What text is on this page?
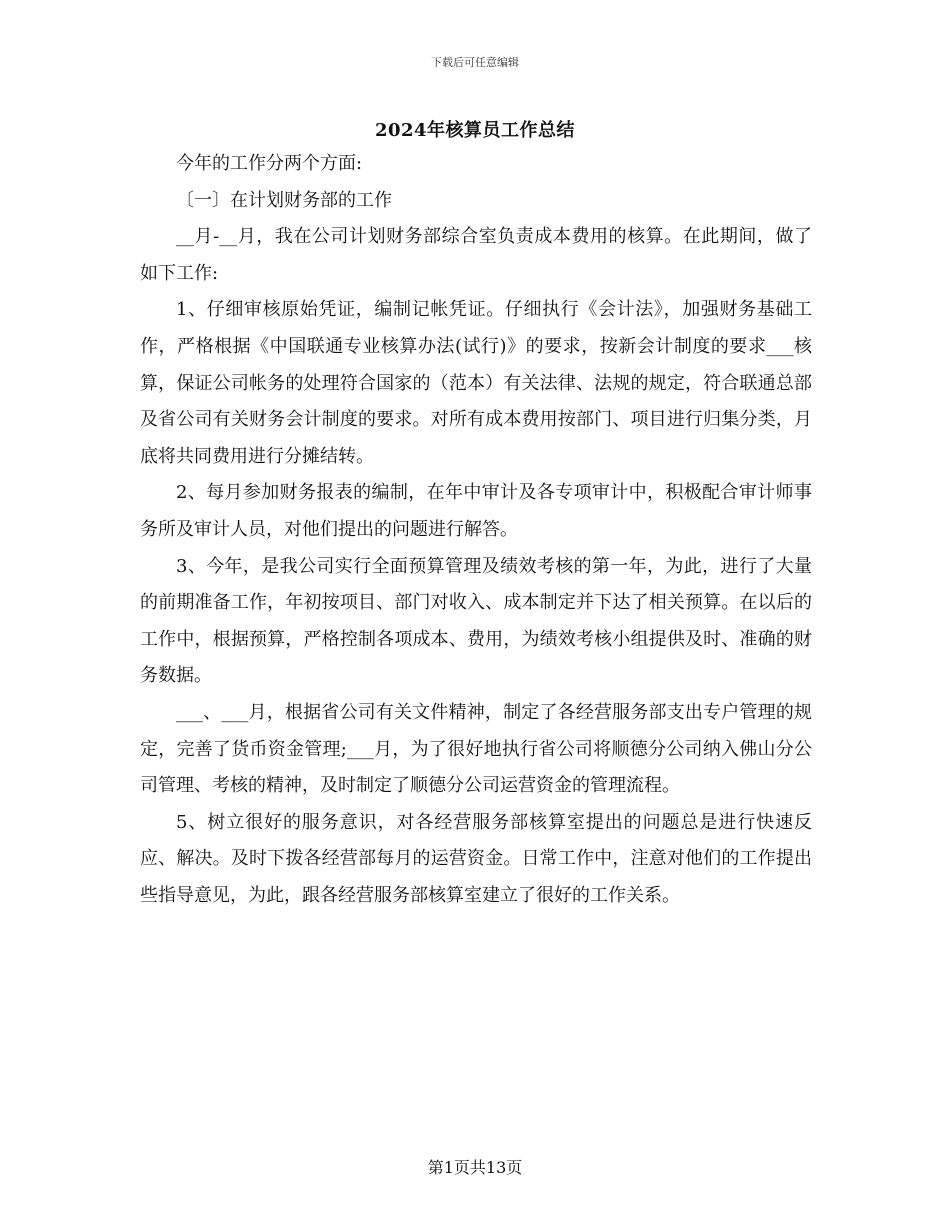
下载后可任意编辑
2024年核算员工作总结

今年的工作分两个方面:

〔一〕在计划财务部的工作

__月-__月，我在公司计划财务部综合室负责成本费用的核算。在此期间，做了如下工作:

1、仔细审核原始凭证，编制记帐凭证。仔细执行《会计法》，加强财务基础工作，严格根据《中国联通专业核算办法(试行)》的要求，按新会计制度的要求___核算，保证公司帐务的处理符合国家的（范本）有关法律、法规的规定，符合联通总部及省公司有关财务会计制度的要求。对所有成本费用按部门、项目进行归集分类，月底将共同费用进行分摊结转。

2、每月参加财务报表的编制，在年中审计及各专项审计中，积极配合审计师事务所及审计人员，对他们提出的问题进行解答。

3、今年，是我公司实行全面预算管理及绩效考核的第一年，为此，进行了大量的前期准备工作，年初按项目、部门对收入、成本制定并下达了相关预算。在以后的工作中，根据预算，严格控制各项成本、费用，为绩效考核小组提供及时、准确的财务数据。

___、___月，根据省公司有关文件精神，制定了各经营服务部支出专户管理的规定，完善了货币资金管理;___月，为了很好地执行省公司将顺德分公司纳入佛山分公司管理、考核的精神，及时制定了顺德分公司运营资金的管理流程。

5、树立很好的服务意识，对各经营服务部核算室提出的问题总是进行快速反应、解决。及时下拨各经营部每月的运营资金。日常工作中，注意对他们的工作提出些指导意见，为此，跟各经营服务部核算室建立了很好的工作关系。

第1页共13页
